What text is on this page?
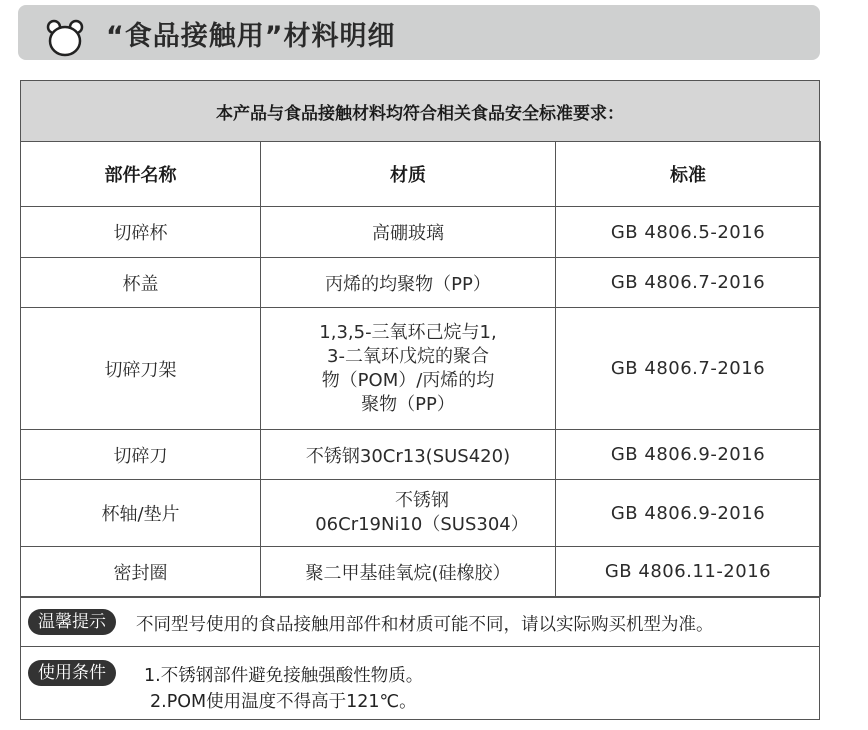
“食品接触用”材料明细
本产品与食品接触材料均符合相关食品安全标准要求：
部件名称	材质	标准
切碎杯	高硼玻璃	GB 4806.5-2016
杯盖	丙烯的均聚物（PP）	GB 4806.7-2016
切碎刀架	1,3,5-三氧环己烷与1,
3-二氧环戊烷的聚合
物（POM）/丙烯的均
聚物（PP）	GB 4806.7-2016
切碎刀	不锈钢30Cr13(SUS420)	GB 4806.9-2016
杯轴/垫片	不锈钢
06Cr19Ni10（SUS304）	GB 4806.9-2016
密封圈	聚二甲基硅氧烷(硅橡胶）	GB 4806.11-2016
温馨提示	不同型号使用的食品接触用部件和材质可能不同，请以实际购买机型为准。
使用条件	1.不锈钢部件避免接触强酸性物质。
2.POM使用温度不得高于121℃。
